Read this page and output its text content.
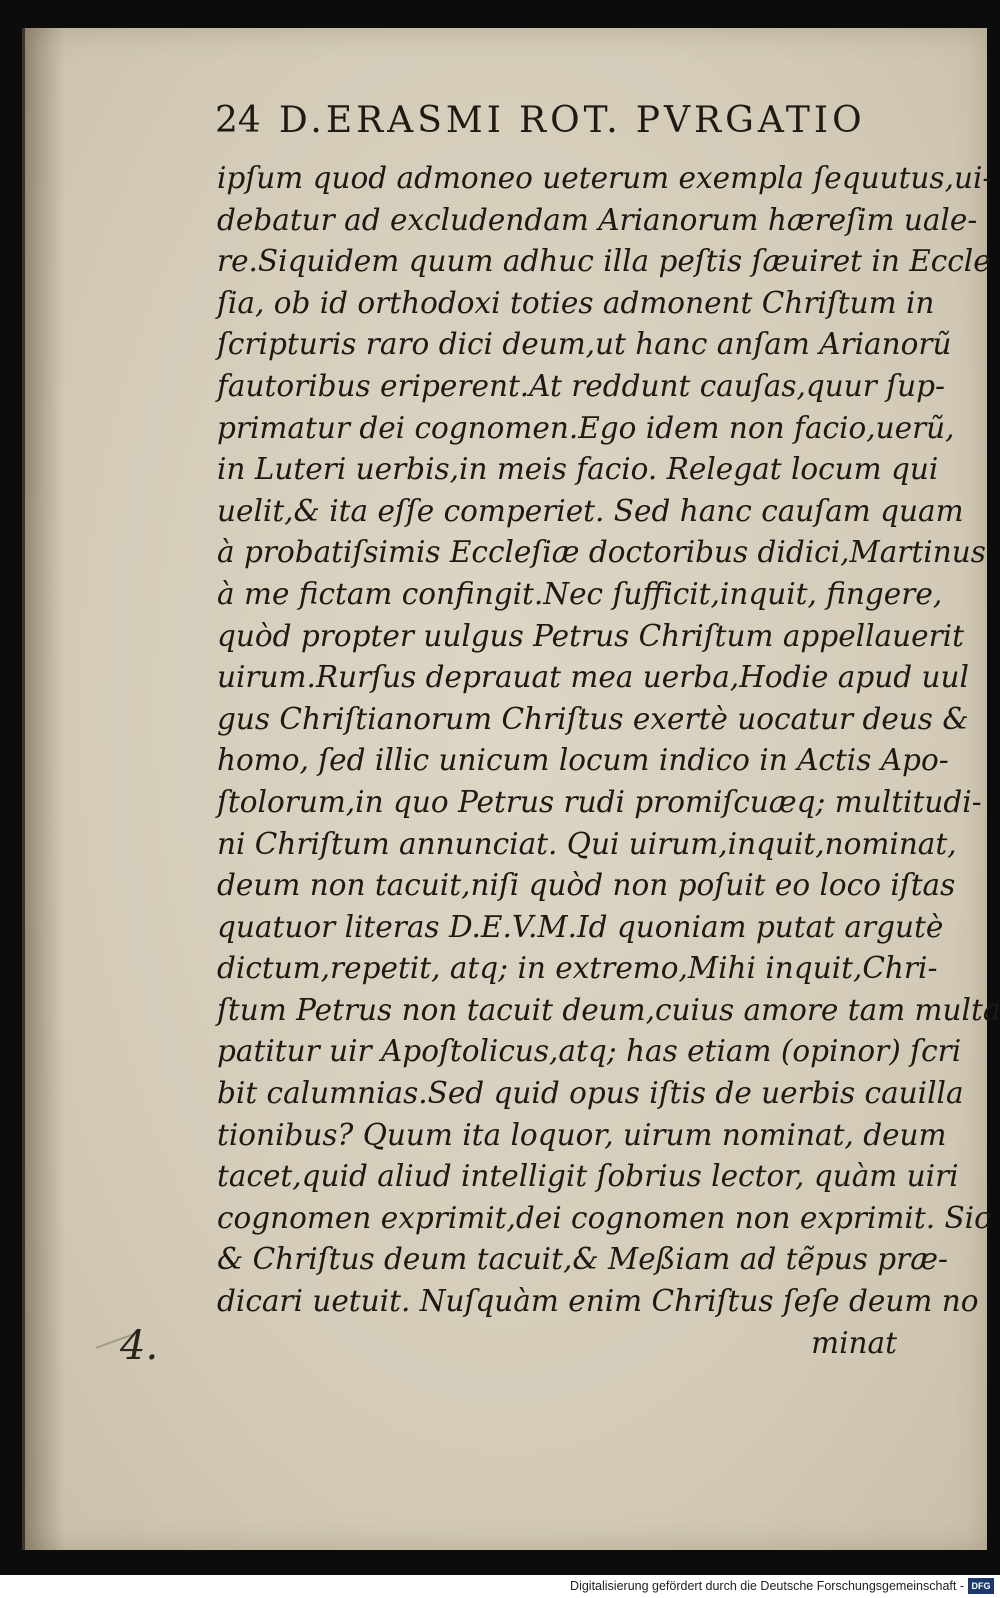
24 D.ERASMI ROT. PVRGATIO
ipſum quod admoneo ueterum exempla ſequutus,ui-
debatur ad excludendam Arianorum hæreſim uale-
re.Siquidem quum adhuc illa peſtis ſæuiret in Eccle
ſia, ob id orthodoxi toties admonent Chriſtum in
ſcripturis raro dici deum,ut hanc anſam Arianorũ
fautoribus eriperent.At reddunt cauſas,quur ſup-
primatur dei cognomen.Ego idem non facio,uerũ,
in Luteri uerbis,in meis facio. Relegat locum qui
uelit,& ita eſſe comperiet. Sed hanc cauſam quam
à probatiſsimis Eccleſiæ doctoribus didici,Martinus
à me fictam confingit.Nec ſufficit,inquit, fingere,
quòd propter uulgus Petrus Chriſtum appellauerit
uirum.Rurſus deprauat mea uerba,Hodie apud uul
gus Chriſtianorum Chriſtus exertè uocatur deus &
homo, ſed illic unicum locum indico in Actis Apo-
ſtolorum,in quo Petrus rudi promiſcuæq; multitudi-
ni Chriſtum annunciat. Qui uirum,inquit,nominat,
deum non tacuit,niſi quòd non poſuit eo loco iſtas
quatuor literas D.E.V.M.Id quoniam putat argutè
dictum,repetit, atq; in extremo,Mihi inquit,Chri-
ſtum Petrus non tacuit deum,cuius amore tam multa
patitur uir Apoſtolicus,atq; has etiam (opinor) ſcri
bit calumnias.Sed quid opus iſtis de uerbis cauilla
tionibus? Quum ita loquor, uirum nominat, deum
tacet,quid aliud intelligit ſobrius lector, quàm uiri
cognomen exprimit,dei cognomen non exprimit. Sic
& Chriſtus deum tacuit,& Meßiam ad tẽpus præ-
dicari uetuit. Nuſquàm enim Chriſtus ſeſe deum no
minat
4.
Digitalisierung gefördert durch die Deutsche Forschungsgemeinschaft - DFG
